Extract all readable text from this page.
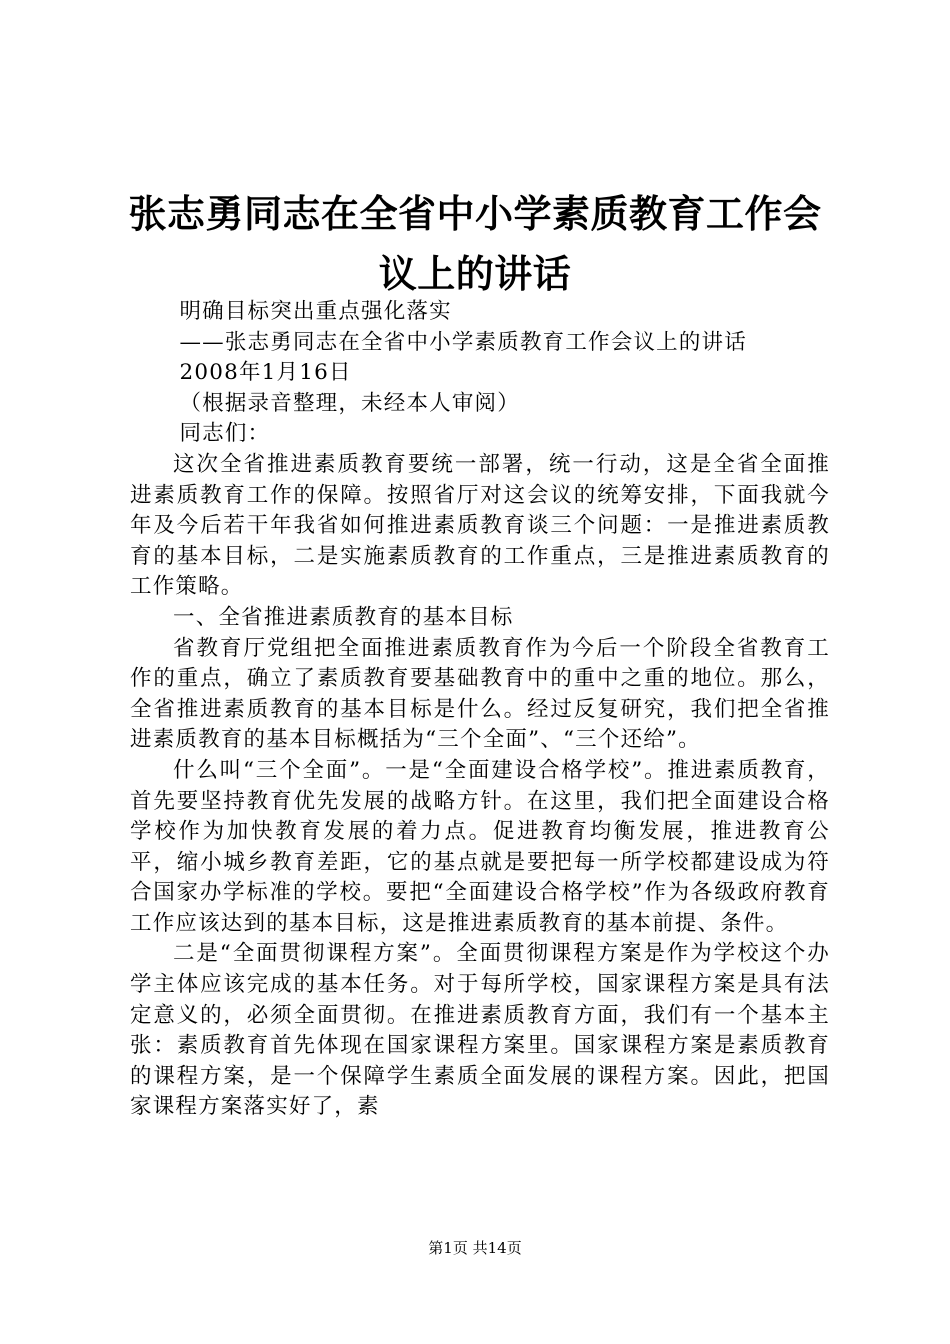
张志勇同志在全省中小学素质教育工作会议上的讲话
明确目标突出重点强化落实
——张志勇同志在全省中小学素质教育工作会议上的讲话
2008年1月16日
（根据录音整理，未经本人审阅）
同志们：
这次全省推进素质教育要统一部署，统一行动，这是全省全面推进素质教育工作的保障。按照省厅对这会议的统筹安排，下面我就今年及今后若干年我省如何推进素质教育谈三个问题：一是推进素质教育的基本目标，二是实施素质教育的工作重点，三是推进素质教育的工作策略。
一、全省推进素质教育的基本目标
省教育厅党组把全面推进素质教育作为今后一个阶段全省教育工作的重点，确立了素质教育要基础教育中的重中之重的地位。那么，全省推进素质教育的基本目标是什么。经过反复研究，我们把全省推进素质教育的基本目标概括为“三个全面”、“三个还给”。
什么叫“三个全面”。一是“全面建设合格学校”。推进素质教育，首先要坚持教育优先发展的战略方针。在这里，我们把全面建设合格学校作为加快教育发展的着力点。促进教育均衡发展，推进教育公平，缩小城乡教育差距，它的基点就是要把每一所学校都建设成为符合国家办学标准的学校。要把“全面建设合格学校”作为各级政府教育工作应该达到的基本目标，这是推进素质教育的基本前提、条件。
二是“全面贯彻课程方案”。全面贯彻课程方案是作为学校这个办学主体应该完成的基本任务。对于每所学校，国家课程方案是具有法定意义的，必须全面贯彻。在推进素质教育方面，我们有一个基本主张：素质教育首先体现在国家课程方案里。国家课程方案是素质教育的课程方案，是一个保障学生素质全面发展的课程方案。因此，把国家课程方案落实好了，素
第1页 共14页
